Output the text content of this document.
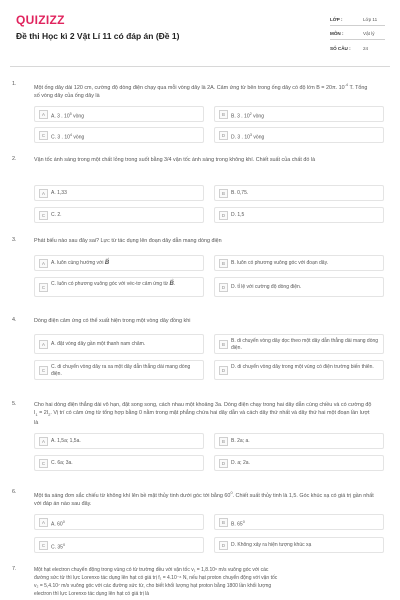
QUIZIZZ
Đề thi Học kì 2 Vật Lí 11 có đáp án (Đề 1)
LỚP :	Lớp 11
MÔN :	Vật lý
SỐ CÂU :	24
1.
Một ống dây dài 120 cm, cường độ dòng điện chạy qua mỗi vòng dây là 2A. Cảm ứng từ bên trong ống dây có độ lớn B = 20π. $10^{-4}$ T. Tổng số vòng dây của ống dây là
A	A. 3 . $10^5$ vòng	B	B. 3 . $10^2$ vòng
C	C. 3 . $10^4$ vòng	D	D. 3 . $10^3$ vòng
2.	Vận tốc ánh sáng trong một chất lỏng trong suốt bằng 3/4 vận tốc ánh sáng trong không khí. Chiết suất của chất đó là
A	A. 1,33	B	B. 0,75.
C	C. 2.	D	D. 1,5
3.	Phát biểu nào sau đây sai? Lực từ tác dụng lên đoạn dây dẫn mang dòng điện
A	A. luôn cùng hướng với → B	B	B. luôn có phương vuông góc với đoạn dây.
C
C. luôn có phương vuông góc với véc-tơ cảm ứng từ → B.
D	D. tỉ lệ với cường độ dòng điện.
4.	Dòng điện cảm ứng có thể xuất hiện trong một vòng dây đồng khi
A	A. đặt vòng dây gần một thanh nam châm.	B
B. di chuyển vòng dây dọc theo một dây dẫn thẳng dài mang dòng điện.
C
C. di chuyển vòng dây ra xa một dây dẫn thẳng dài mang dòng điện.
D
D. di chuyển vòng dây trong một vùng có điện trường biến thiên.
5.	Cho hai dòng điện thẳng dài vô hạn, đặt song song, cách nhau một khoảng 3a. Dòng điện chạy trong hai dây dẫn cùng chiều và có cường độ $I_1 = 2I_2$. Vị trí có cảm ứng từ tổng hợp bằng 0 nằm trong mặt phẳng chứa hai dây dẫn và cách dây thứ nhất và dây thứ hai một đoạn lần lượt là
A	A. 1,5a; 1,5a.	B	B. 2a; a.
C	C. 6a; 3a.	D	D. a; 2a.
6.
Một tia sáng đơn sắc chiếu từ không khí lên bề mặt thủy tinh dưới góc tới bằng $60^0$. Chiết suất thủy tinh là 1,5. Góc khúc xạ có giá trị gần nhất với đáp án nào sau đây.
A	A. $60^0$	B	B. $65^0$
C	C. $35^0$	D	D. Không xảy ra hiện tượng khúc xạ
7.	Một hạt electron chuyển động trong vùng có từ trường đều với vận tốc v₁ = 1,8.10⁶ m/s vuông góc với các
đường sức từ thì lực Lorenxo tác dụng lên hạt có giá trị f₁ = 4.10⁻⁶ N, nếu hạt proton chuyển động với vận tốc
v₂ = 5,4.10⁷ m/s vuông góc với các đường sức từ, cho biết khối lượng hạt proton bằng 1800 lần khối lượng
electron thì lực Lorenxo tác dụng lên hạt có giá trị là
